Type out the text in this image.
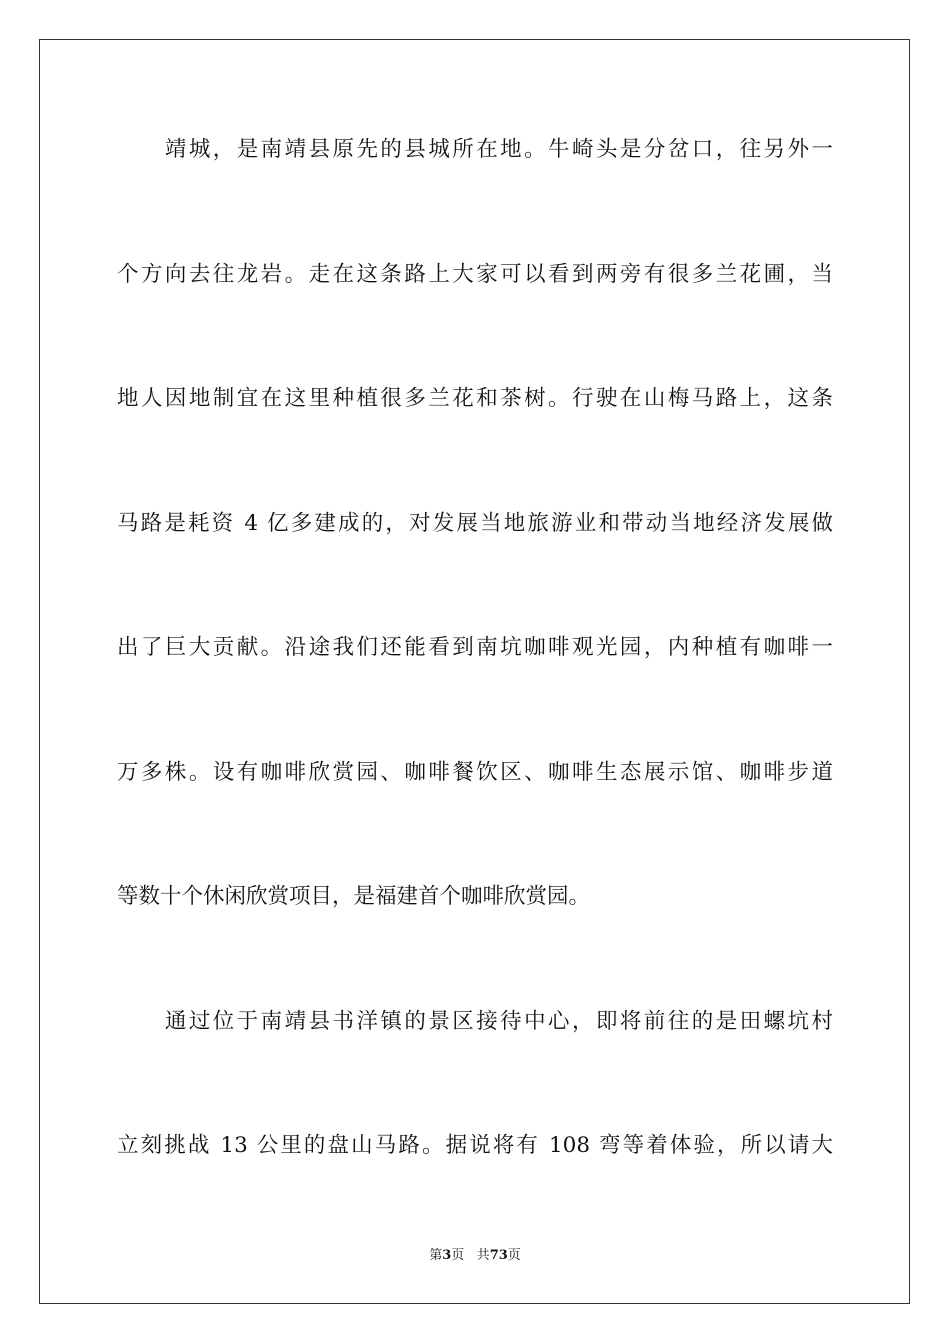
　　靖城，是南靖县原先的县城所在地。牛崎头是分岔口，往另外一
个方向去往龙岩。走在这条路上大家可以看到两旁有很多兰花圃，当
地人因地制宜在这里种植很多兰花和茶树。行驶在山梅马路上，这条
马路是耗资 4 亿多建成的，对发展当地旅游业和带动当地经济发展做
出了巨大贡献。沿途我们还能看到南坑咖啡观光园，内种植有咖啡一
万多株。设有咖啡欣赏园、咖啡餐饮区、咖啡生态展示馆、咖啡步道
等数十个休闲欣赏项目，是福建首个咖啡欣赏园。
　　通过位于南靖县书洋镇的景区接待中心，即将前往的是田螺坑村
立刻挑战 13 公里的盘山马路。据说将有 108 弯等着体验，所以请大
第3页 共73页
